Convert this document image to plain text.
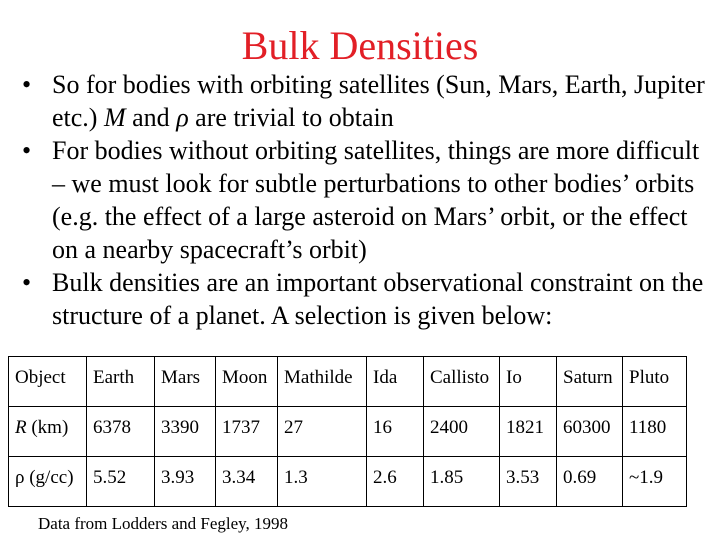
Bulk Densities
• So for bodies with orbiting satellites (Sun, Mars, Earth, Jupiter etc.) M and ρ are trivial to obtain
• For bodies without orbiting satellites, things are more difficult – we must look for subtle perturbations to other bodies’ orbits (e.g. the effect of a large asteroid on Mars’ orbit, or the effect on a nearby spacecraft’s orbit)
• Bulk densities are an important observational constraint on the structure of a planet. A selection is given below:
Object	Earth	Mars	Moon	Mathilde	Ida	Callisto	Io	Saturn	Pluto
R (km)	6378	3390	1737	27	16	2400	1821	60300	1180
ρ (g/cc)	5.52	3.93	3.34	1.3	2.6	1.85	3.53	0.69	~1.9
Data from Lodders and Fegley, 1998
